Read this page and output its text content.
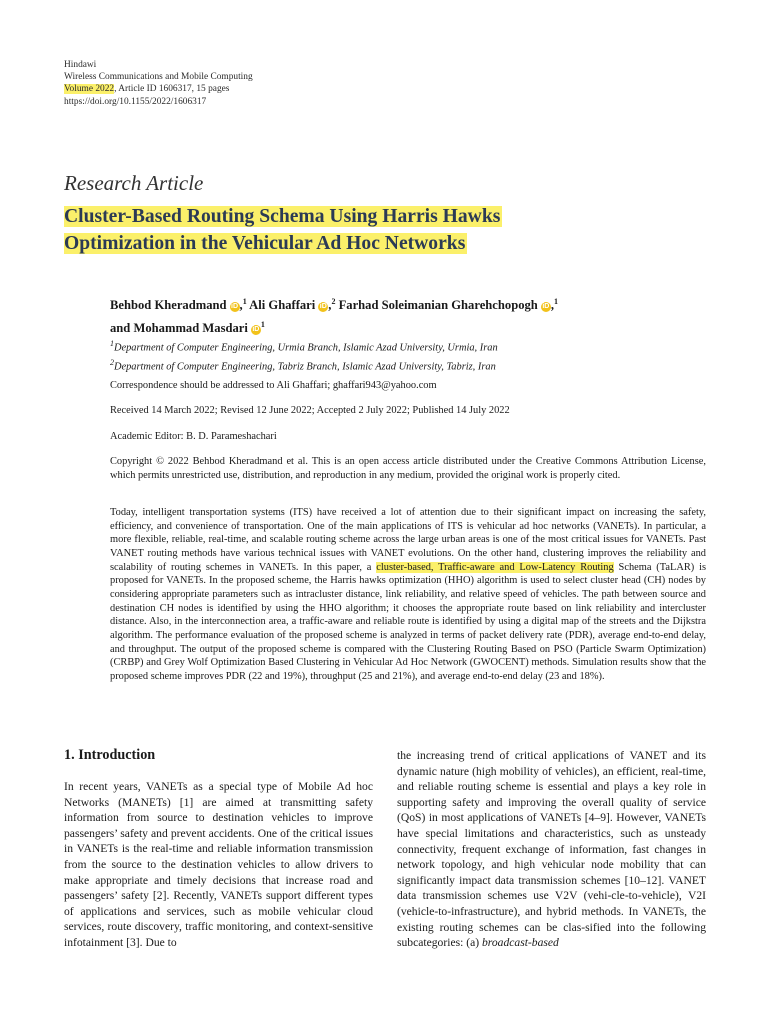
Hindawi
Wireless Communications and Mobile Computing
Volume 2022, Article ID 1606317, 15 pages
https://doi.org/10.1155/2022/1606317
Research Article
Cluster-Based Routing Schema Using Harris Hawks
Optimization in the Vehicular Ad Hoc Networks
Behbod Kheradmand iD ,$^1$ Ali Ghaffari iD ,$^2$ Farhad Soleimanian Gharehchopogh iD ,$^1$
and Mohammad Masdari $iD^1$
$^1$Department of Computer Engineering, Urmia Branch, Islamic Azad University, Urmia, Iran
$^2$Department of Computer Engineering, Tabriz Branch, Islamic Azad University, Tabriz, Iran
Correspondence should be addressed to Ali Ghaffari; ghaffari943@yahoo.com
Received 14 March 2022; Revised 12 June 2022; Accepted 2 July 2022; Published 14 July 2022
Academic Editor: B. D. Parameshachari
Copyright © 2022 Behbod Kheradmand et al. This is an open access article distributed under the Creative Commons Attribution License, which permits unrestricted use, distribution, and reproduction in any medium, provided the original work is properly cited.

Today, intelligent transportation systems (ITS) have received a lot of attention due to their significant impact on increasing the safety, efficiency, and convenience of transportation. One of the main applications of ITS is vehicular ad hoc networks (VANETs). In particular, a more flexible, reliable, real-time, and scalable routing scheme across the large urban areas is one of the most critical issues for VANETs. Past VANET routing methods have various technical issues with VANET evolutions. On the other hand, clustering improves the reliability and scalability of routing schemes in VANETs. In this paper, a cluster-based, Traffic-aware and Low-Latency Routing Schema (TaLAR) is proposed for VANETs. In the proposed scheme, the Harris hawks optimization (HHO) algorithm is used to select cluster head (CH) nodes by considering appropriate parameters such as intracluster distance, link reliability, and relative speed of vehicles. The path between source and destination CH nodes is identified by using the HHO algorithm; it chooses the appropriate route based on link reliability and intercluster distance. Also, in the interconnection area, a traffic-aware and reliable route is identified by using a digital map of the streets and the Dijkstra algorithm. The performance evaluation of the proposed scheme is analyzed in terms of packet delivery rate (PDR), average end-to-end delay, and throughput. The output of the proposed scheme is compared with the Clustering Routing Based on PSO (Particle Swarm Optimization) (CRBP) and Grey Wolf Optimization Based Clustering in Vehicular Ad Hoc Network (GWOCENT) methods. Simulation results show that the proposed scheme improves PDR (22 and 19%), throughput (25 and 21%), and average end-to-end delay (23 and 18%).

1. Introduction

In recent years, VANETs as a special type of Mobile Ad hoc Networks (MANETs) [1] are aimed at transmitting safety information from source to destination vehicles to improve passengers’ safety and prevent accidents. One of the critical issues in VANETs is the real-time and reliable information transmission from the source to the destination vehicles to allow drivers to make appropriate and timely decisions that increase road and passengers’ safety [2]. Recently, VANETs support different types of applications and services, such as mobile vehicular cloud services, route discovery, traffic monitoring, and context-sensitive infotainment [3]. Due to

the increasing trend of critical applications of VANET and its dynamic nature (high mobility of vehicles), an efficient, real-time, and reliable routing scheme is essential and plays a key role in supporting safety and improving the overall quality of service (QoS) in most applications of VANETs [4–9]. However, VANETs have special limitations and characteristics, such as unsteady connectivity, frequent exchange of information, fast changes in network topology, and high vehicular node mobility that can significantly impact data transmission schemes [10–12]. VANET data transmission schemes use V2V (vehi-cle-to-vehicle), V2I (vehicle-to-infrastructure), and hybrid methods. In VANETs, the existing routing schemes can be clas-sified into the following subcategories: (a) broadcast-based
